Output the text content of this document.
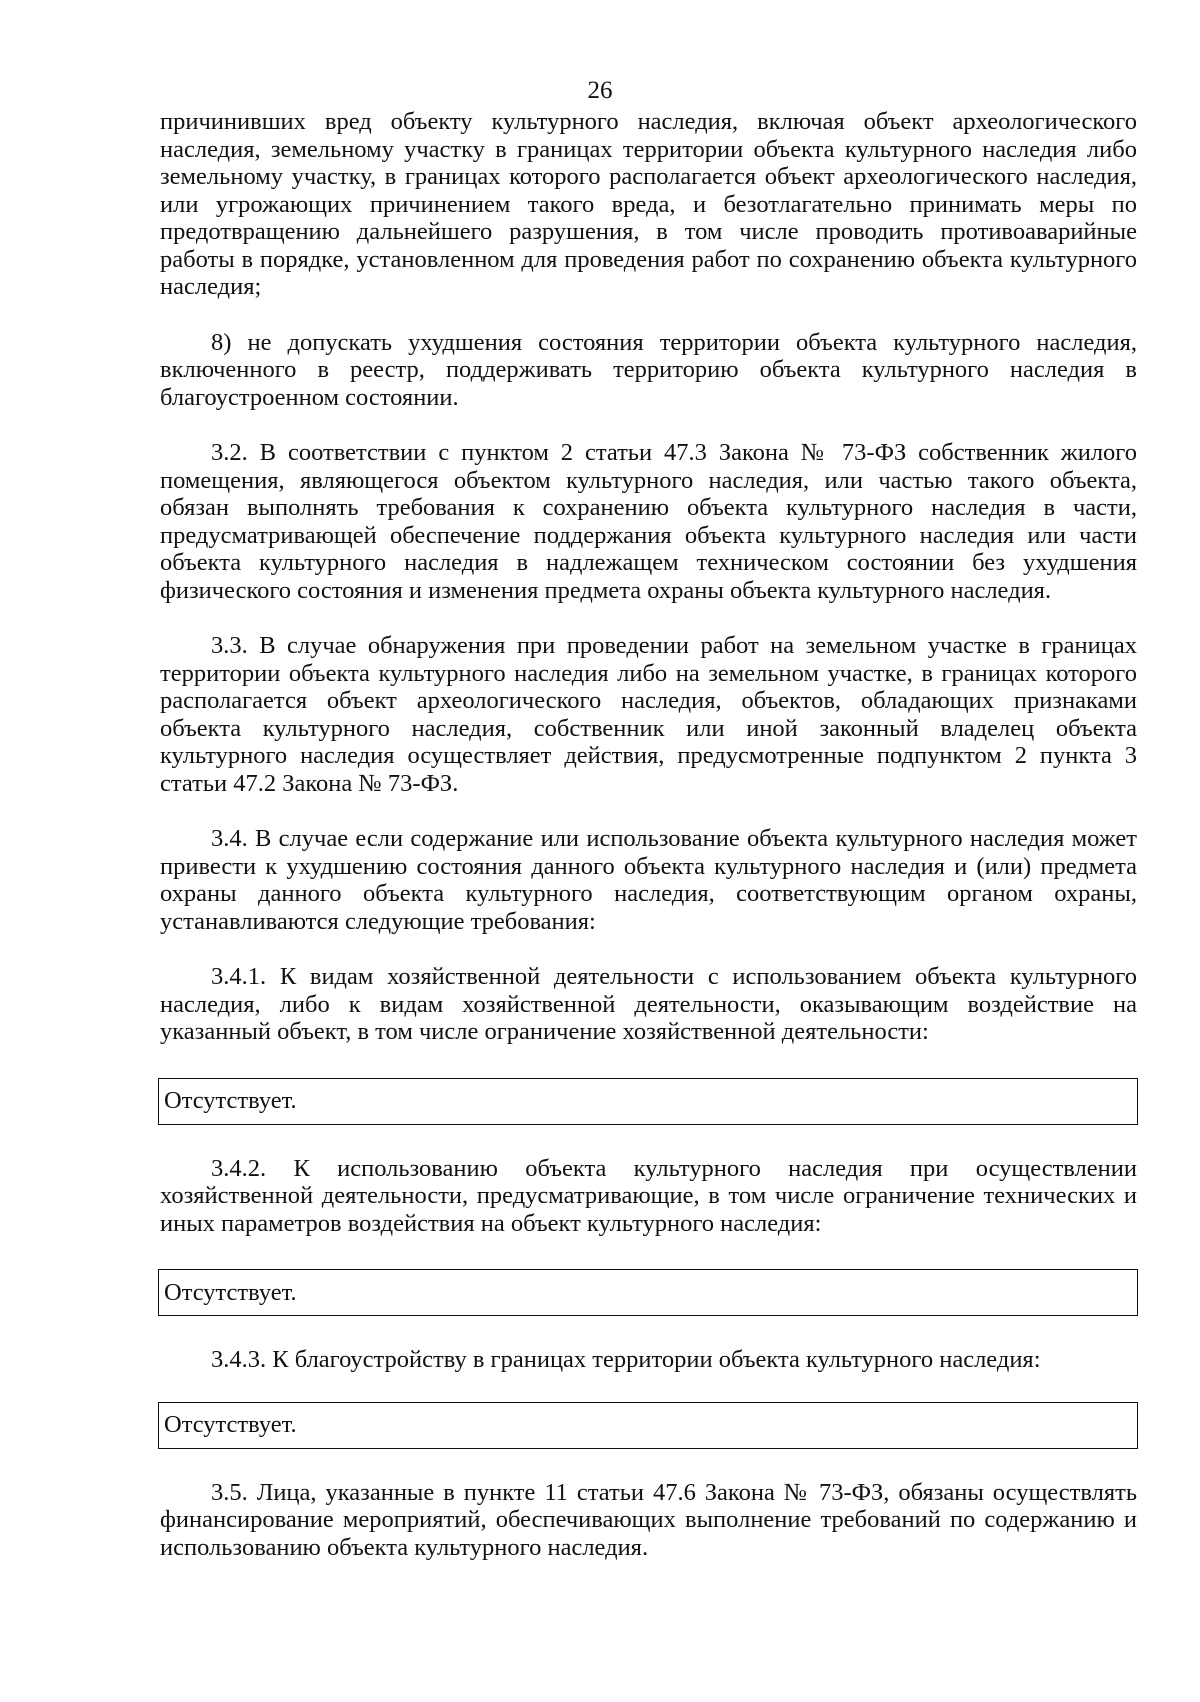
26

причинивших вред объекту культурного наследия, включая объект археологического наследия, земельному участку в границах территории объекта культурного наследия либо земельному участку, в границах которого располагается объект археологического наследия, или угрожающих причинением такого вреда, и безотлагательно принимать меры по предотвращению дальнейшего разрушения, в том числе проводить противоаварийные работы в порядке, установленном для проведения работ по сохранению объекта культурного наследия;

8) не допускать ухудшения состояния территории объекта культурного наследия, включенного в реестр, поддерживать территорию объекта культурного наследия в благоустроенном состоянии.

3.2. В соответствии с пунктом 2 статьи 47.3 Закона № 73-ФЗ собственник жилого помещения, являющегося объектом культурного наследия, или частью такого объекта, обязан выполнять требования к сохранению объекта культурного наследия в части, предусматривающей обеспечение поддержания объекта культурного наследия или части объекта культурного наследия в надлежащем техническом состоянии без ухудшения физического состояния и изменения предмета охраны объекта культурного наследия.

3.3. В случае обнаружения при проведении работ на земельном участке в границах территории объекта культурного наследия либо на земельном участке, в границах которого располагается объект археологического наследия, объектов, обладающих признаками объекта культурного наследия, собственник или иной законный владелец объекта культурного наследия осуществляет действия, предусмотренные подпунктом 2 пункта 3 статьи 47.2 Закона № 73-ФЗ.

3.4. В случае если содержание или использование объекта культурного наследия может привести к ухудшению состояния данного объекта культурного наследия и (или) предмета охраны данного объекта культурного наследия, соответствующим органом охраны, устанавливаются следующие требования:

3.4.1. К видам хозяйственной деятельности с использованием объекта культурного наследия, либо к видам хозяйственной деятельности, оказывающим воздействие на указанный объект, в том числе ограничение хозяйственной деятельности:

Отсутствует.

3.4.2. К использованию объекта культурного наследия при осуществлении хозяйственной деятельности, предусматривающие, в том числе ограничение технических и иных параметров воздействия на объект культурного наследия:

Отсутствует.

3.4.3. К благоустройству в границах территории объекта культурного наследия:

Отсутствует.

3.5. Лица, указанные в пункте 11 статьи 47.6 Закона № 73-ФЗ, обязаны осуществлять финансирование мероприятий, обеспечивающих выполнение требований по содержанию и использованию объекта культурного наследия.
